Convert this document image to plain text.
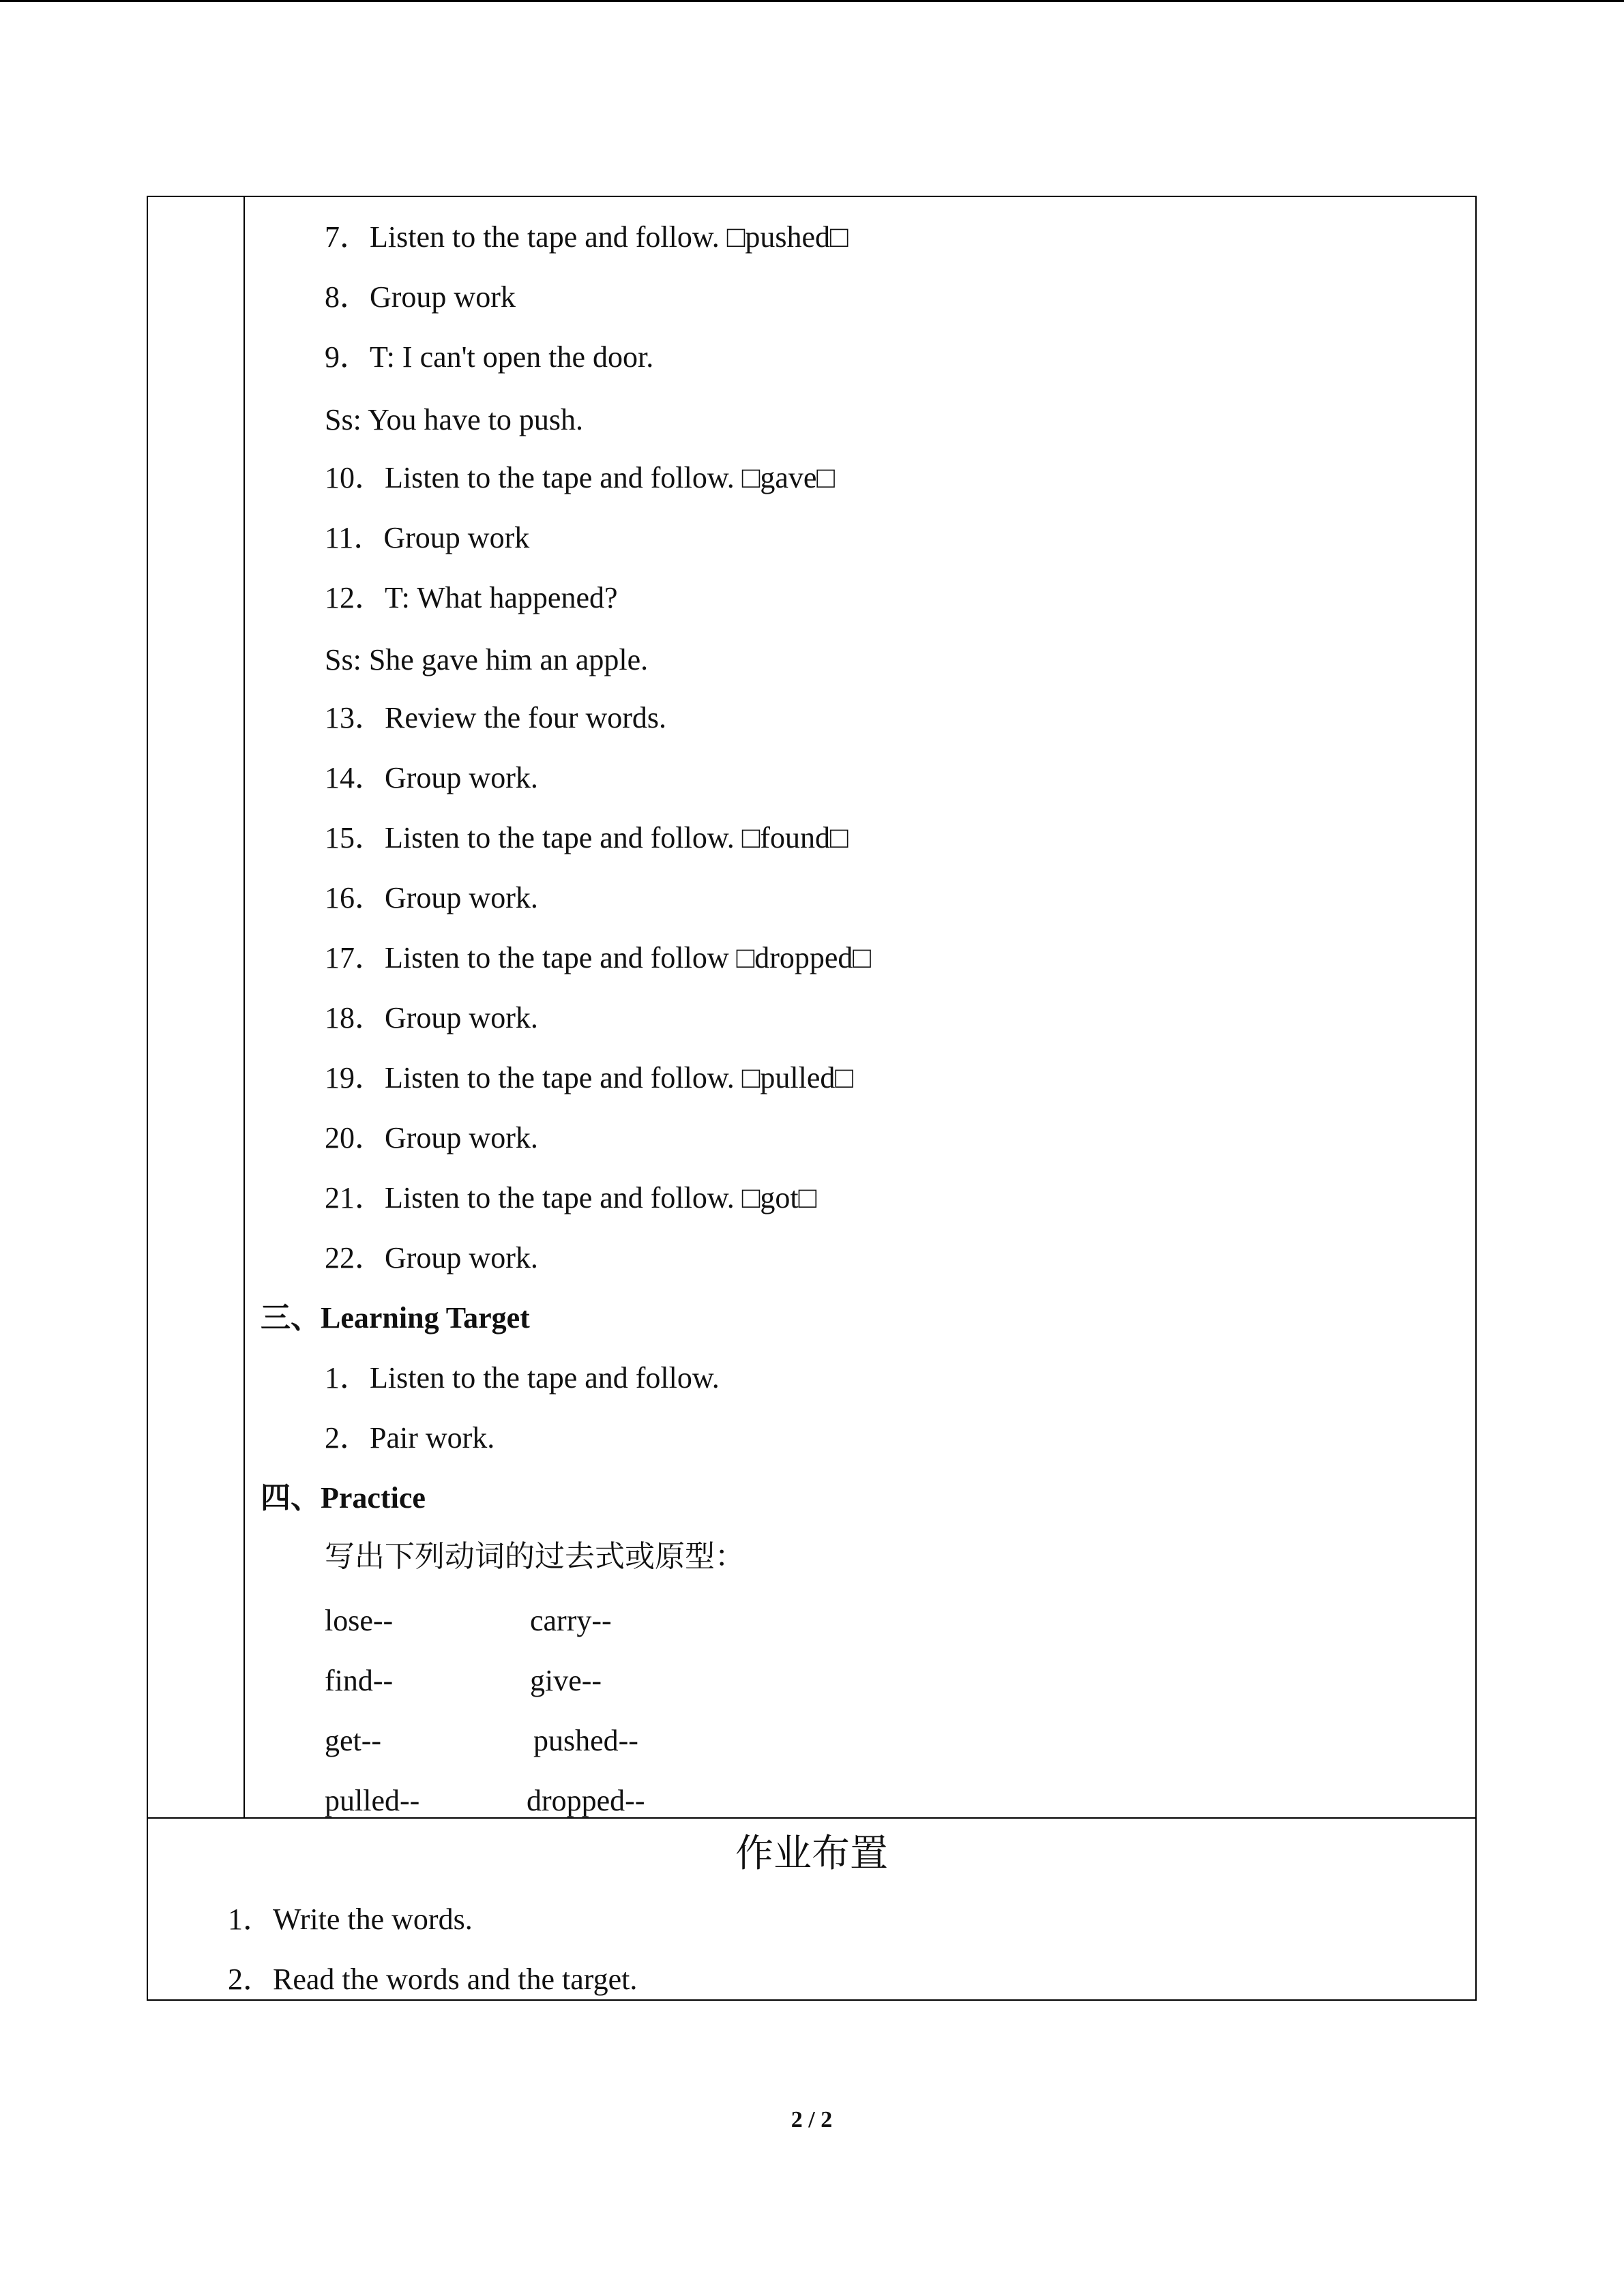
7．Listen to the tape and follow. □pushed□
8．Group work
9．T: I can't open the door.
Ss: You have to push.
10．Listen to the tape and follow. □gave□
11．Group work
12．T: What happened?
Ss: She gave him an apple.
13．Review the four words.
14．Group work.
15．Listen to the tape and follow. □found□
16．Group work.
17．Listen to the tape and follow □dropped□
18．Group work.
19．Listen to the tape and follow. □pulled□
20．Group work.
21．Listen to the tape and follow. □got□
22．Group work.
三、Learning Target
1．Listen to the tape and follow.
2．Pair work.
四、Practice
写出下列动词的过去式或原型：
lose--	carry--
find--	give--
get--	pushed--
pulled--	dropped--
作业布置
1．Write the words.
2．Read the words and the target.
2 / 2
